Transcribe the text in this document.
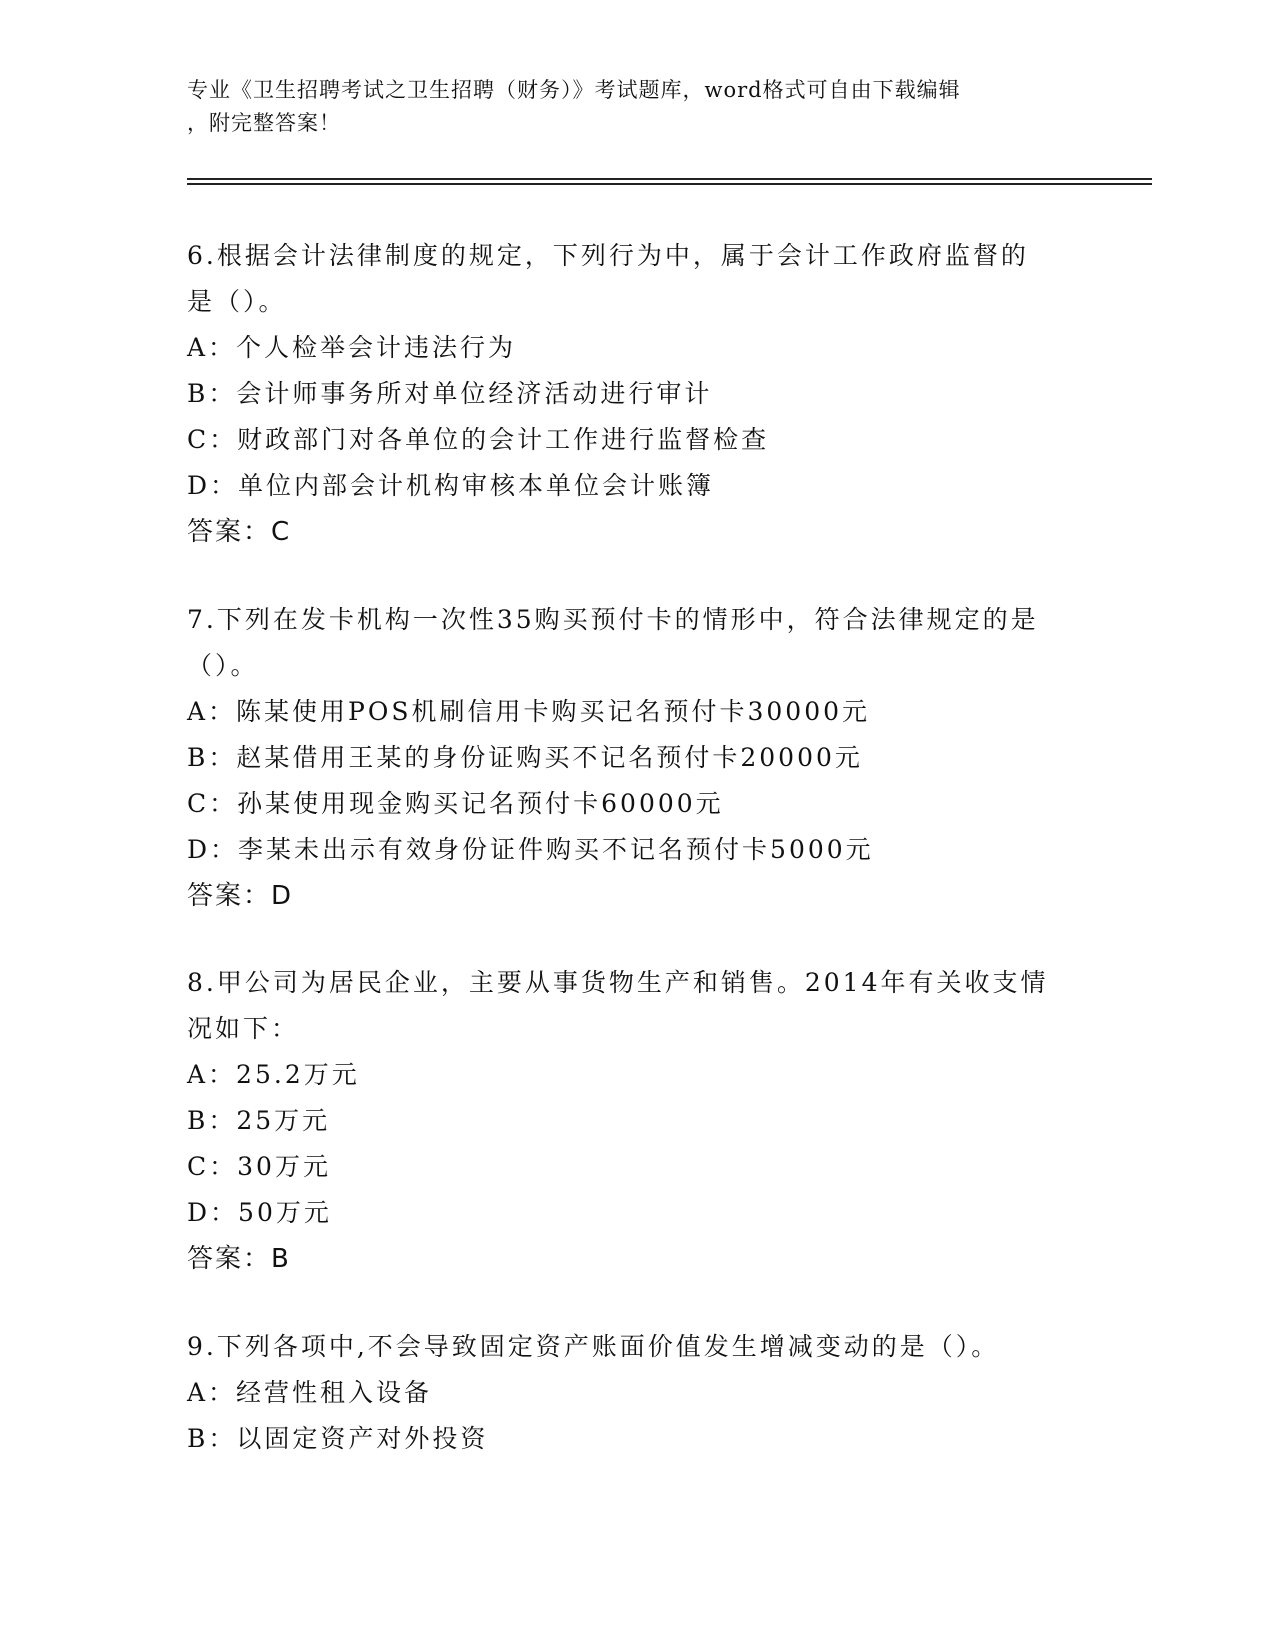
专业《卫生招聘考试之卫生招聘（财务）》考试题库，word格式可自由下载编辑
，附完整答案！

6.根据会计法律制度的规定，下列行为中，属于会计工作政府监督的

是（）。

A：个人检举会计违法行为

B：会计师事务所对单位经济活动进行审计

C：财政部门对各单位的会计工作进行监督检查

D：单位内部会计机构审核本单位会计账簿

答案：C

7.下列在发卡机构一次性35购买预付卡的情形中，符合法律规定的是

（）。

A：陈某使用POS机刷信用卡购买记名预付卡30000元

B：赵某借用王某的身份证购买不记名预付卡20000元

C：孙某使用现金购买记名预付卡60000元

D：李某未出示有效身份证件购买不记名预付卡5000元

答案：D

8.甲公司为居民企业，主要从事货物生产和销售。2014年有关收支情

况如下：

A：25.2万元

B：25万元

C：30万元

D：50万元

答案：B

9.下列各项中,不会导致固定资产账面价值发生增减变动的是（）。

A：经营性租入设备

B：以固定资产对外投资
